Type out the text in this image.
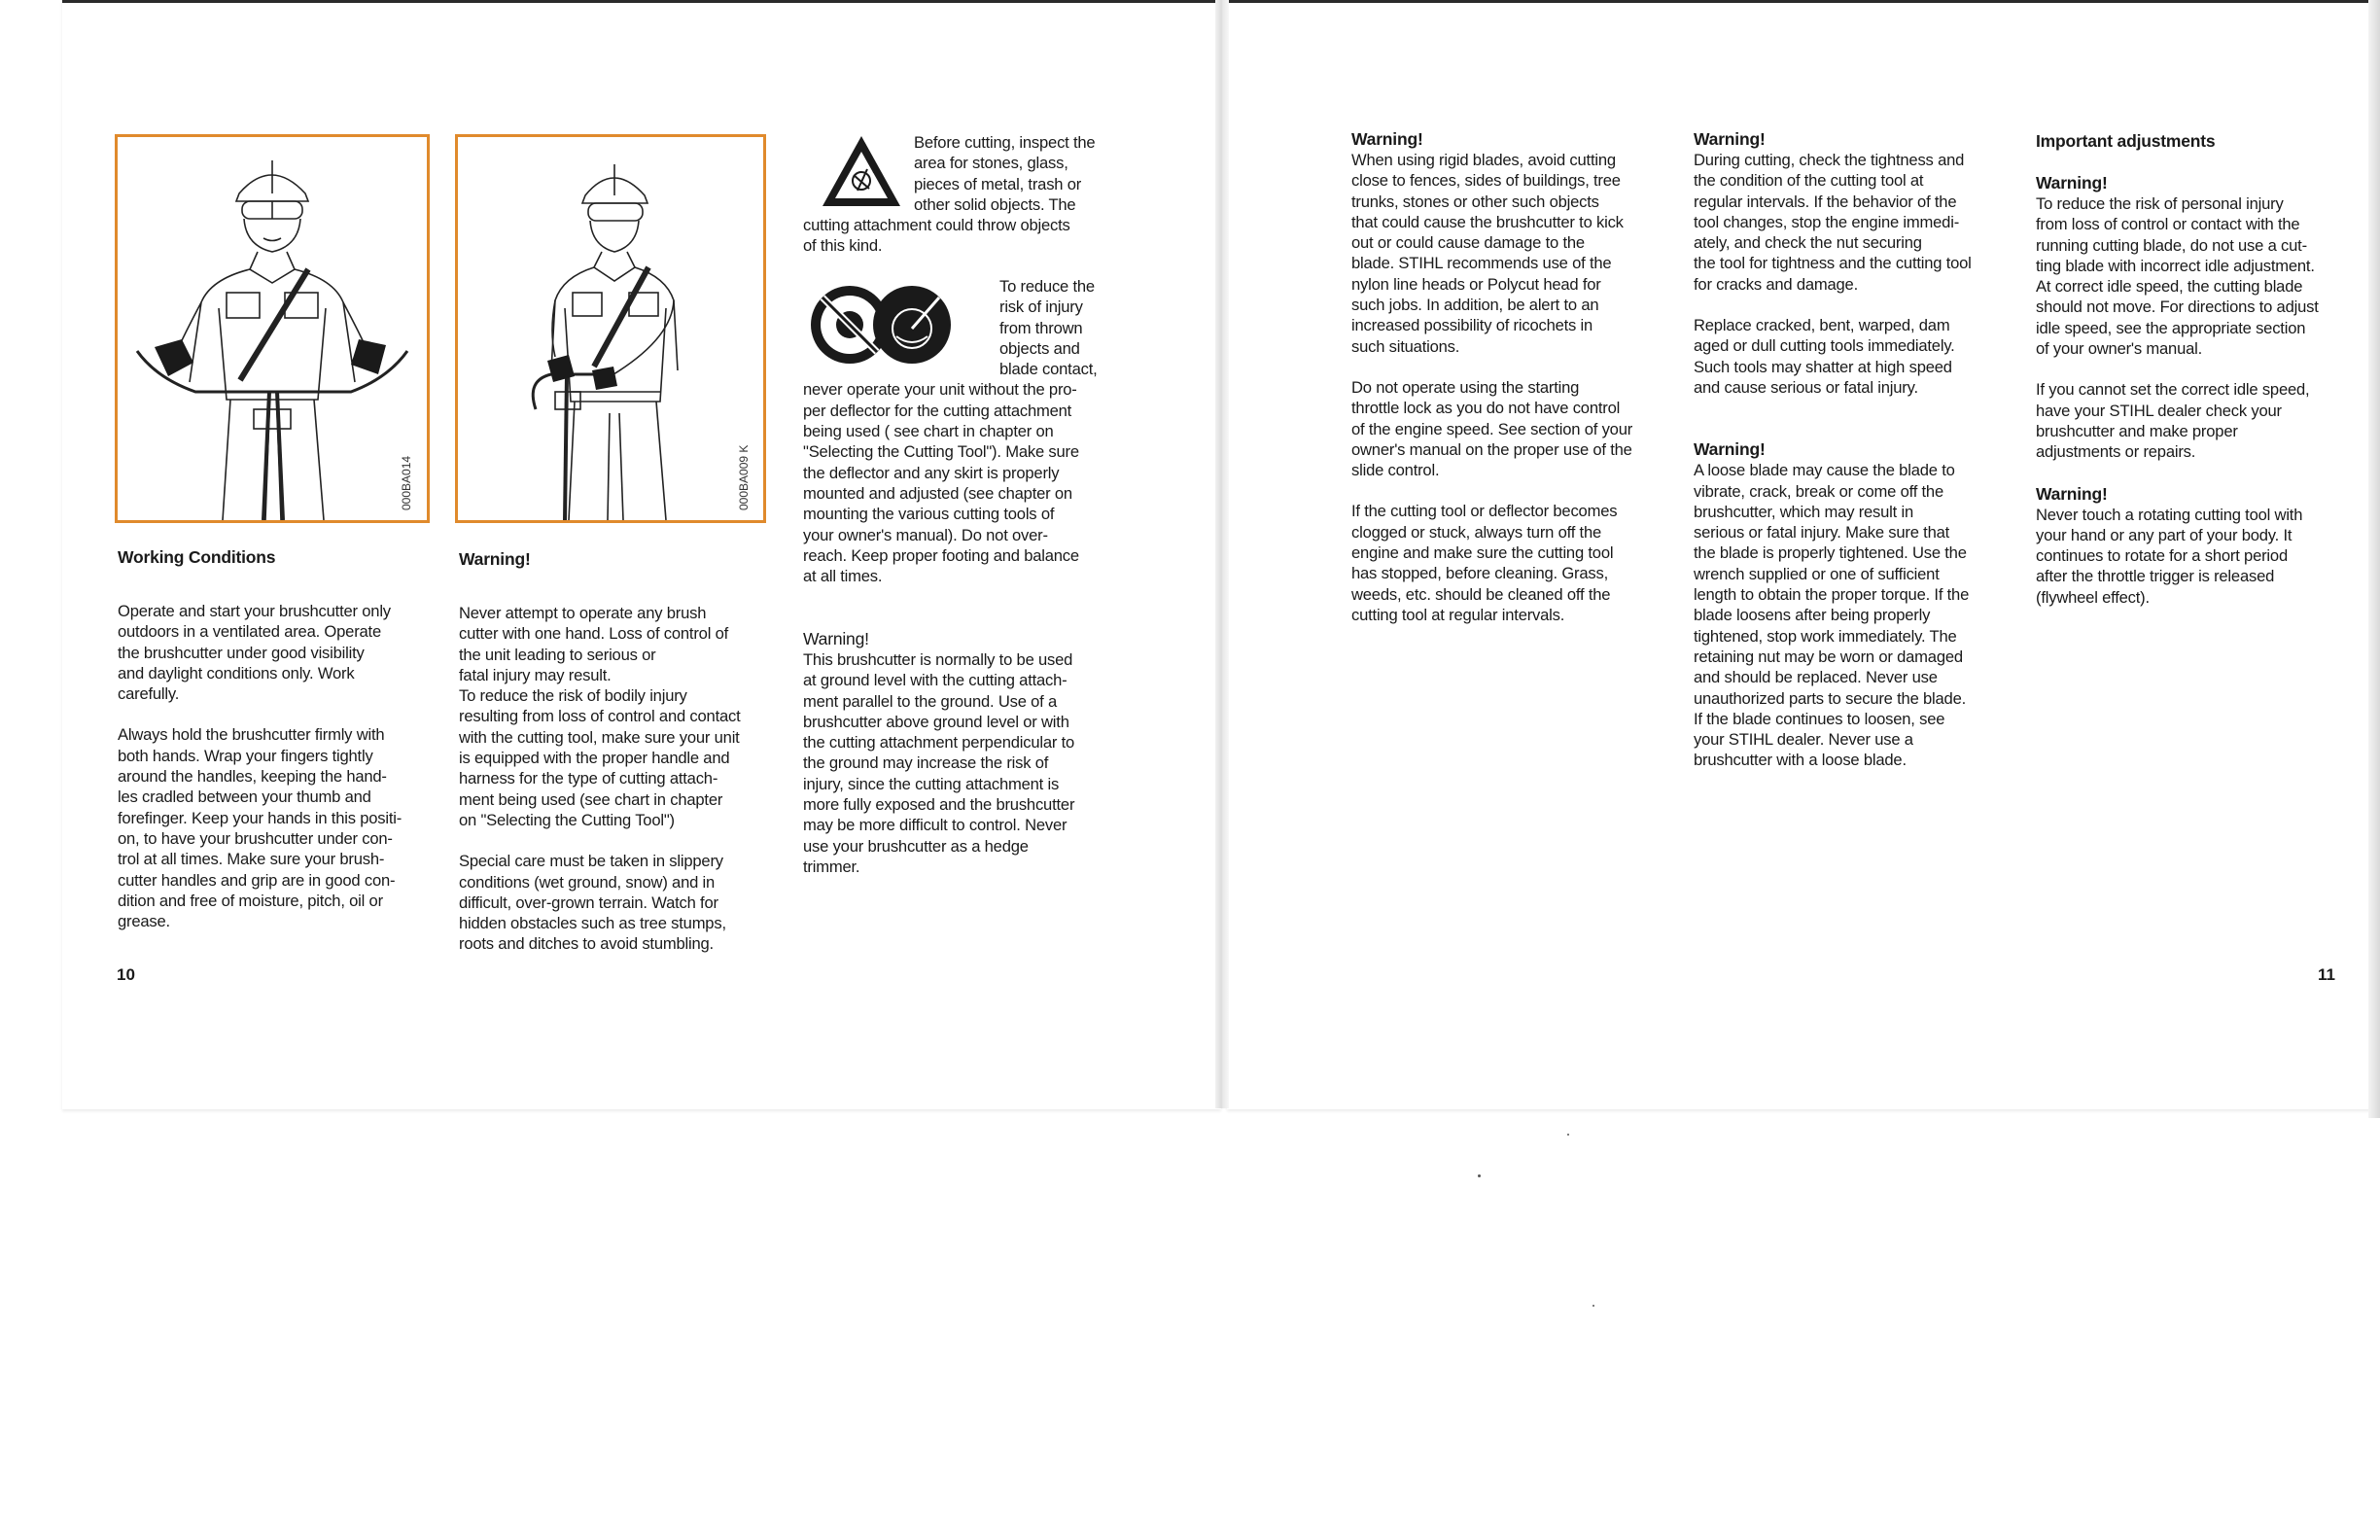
000BA014	000BA009 K
Working Conditions

Operate and start your brushcutter only
outdoors in a ventilated area. Operate
the brushcutter under good visibility
and daylight conditions only. Work
carefully.

Always hold the brushcutter firmly with
both hands. Wrap your fingers tightly
around the handles, keeping the hand-
les cradled between your thumb and
forefinger. Keep your hands in this positi-
on, to have your brushcutter under con-
trol at all times. Make sure your brush-
cutter handles and grip are in good con-
dition and free of moisture, pitch, oil or
grease.

Warning!

Never attempt to operate any brush
cutter with one hand. Loss of control of
the unit leading to serious or
fatal injury may result.
To reduce the risk of bodily injury
resulting from loss of control and contact
with the cutting tool, make sure your unit
is equipped with the proper handle and
harness for the type of cutting attach-
ment being used (see chart in chapter
on "Selecting the Cutting Tool")

Special care must be taken in slippery
conditions (wet ground, snow) and in
difficult, over-grown terrain. Watch for
hidden obstacles such as tree stumps,
roots and ditches to avoid stumbling.

Before cutting, inspect the
area for stones, glass,
pieces of metal, trash or
other solid objects. The

cutting attachment could throw objects
of this kind.

To reduce the
risk of injury
from thrown
objects and
blade contact,

never operate your unit without the pro-
per deflector for the cutting attachment
being used ( see chart in chapter on
"Selecting the Cutting Tool"). Make sure
the deflector and any skirt is properly
mounted and adjusted (see chapter on
mounting the various cutting tools of
your owner's manual). Do not over-
reach. Keep proper footing and balance
at all times.

Warning!

This brushcutter is normally to be used
at ground level with the cutting attach-
ment parallel to the ground. Use of a
brushcutter above ground level or with
the cutting attachment perpendicular to
the ground may increase the risk of
injury, since the cutting attachment is
more fully exposed and the brushcutter
may be more difficult to control. Never
use your brushcutter as a hedge
trimmer.

10
Warning!

When using rigid blades, avoid cutting
close to fences, sides of buildings, tree
trunks, stones or other such objects
that could cause the brushcutter to kick
out or could cause damage to the
blade. STIHL recommends use of the
nylon line heads or Polycut head for
such jobs. In addition, be alert to an
increased possibility of ricochets in
such situations.

Do not operate using the starting
throttle lock as you do not have control
of the engine speed. See section of your
owner's manual on the proper use of the
slide control.

If the cutting tool or deflector becomes
clogged or stuck, always turn off the
engine and make sure the cutting tool
has stopped, before cleaning. Grass,
weeds, etc. should be cleaned off the
cutting tool at regular intervals.

Warning!

During cutting, check the tightness and
the condition of the cutting tool at
regular intervals. If the behavior of the
tool changes, stop the engine immedi-
ately, and check the nut securing
the tool for tightness and the cutting tool
for cracks and damage.

Replace cracked, bent, warped, dam
aged or dull cutting tools immediately.
Such tools may shatter at high speed
and cause serious or fatal injury.

Warning!

A loose blade may cause the blade to
vibrate, crack, break or come off the
brushcutter, which may result in
serious or fatal injury. Make sure that
the blade is properly tightened. Use the
wrench supplied or one of sufficient
length to obtain the proper torque. If the
blade loosens after being properly
tightened, stop work immediately. The
retaining nut may be worn or damaged
and should be replaced. Never use
unauthorized parts to secure the blade.
If the blade continues to loosen, see
your STIHL dealer. Never use a
brushcutter with a loose blade.

Important adjustments
Warning!

To reduce the risk of personal injury
from loss of control or contact with the
running cutting blade, do not use a cut-
ting blade with incorrect idle adjustment.
At correct idle speed, the cutting blade
should not move. For directions to adjust
idle speed, see the appropriate section
of your owner's manual.

If you cannot set the correct idle speed,
have your STIHL dealer check your
brushcutter and make proper
adjustments or repairs.

Warning!

Never touch a rotating cutting tool with
your hand or any part of your body. It
continues to rotate for a short period
after the throttle trigger is released
(flywheel effect).

11
